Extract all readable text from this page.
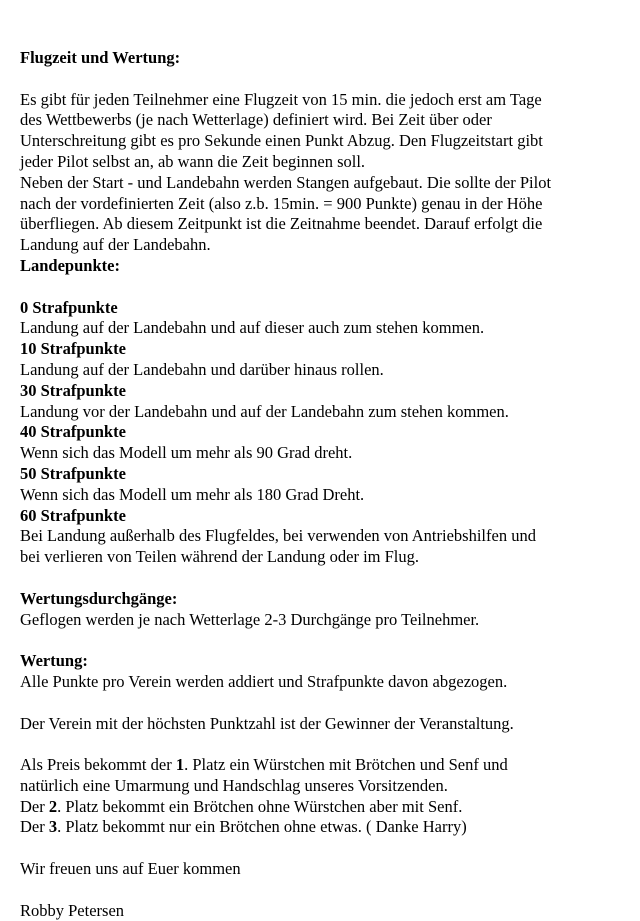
Flugzeit und Wertung:
Es gibt für jeden Teilnehmer eine Flugzeit von 15 min. die jedoch erst am Tage
des Wettbewerbs (je nach Wetterlage) definiert wird. Bei Zeit über oder
Unterschreitung gibt es pro Sekunde einen Punkt Abzug. Den Flugzeitstart gibt
jeder Pilot selbst an, ab wann die Zeit beginnen soll.
Neben der Start - und Landebahn werden Stangen aufgebaut. Die sollte der Pilot
nach der vordefinierten Zeit (also z.b. 15min. = 900 Punkte) genau in der Höhe
überfliegen. Ab diesem Zeitpunkt ist die Zeitnahme beendet. Darauf erfolgt die
Landung auf der Landebahn.
Landepunkte:
0 Strafpunkte
Landung auf der Landebahn und auf dieser auch zum stehen kommen.
10 Strafpunkte
Landung auf der Landebahn und darüber hinaus rollen.
30 Strafpunkte
Landung vor der Landebahn und auf der Landebahn zum stehen kommen.
40 Strafpunkte
Wenn sich das Modell um mehr als 90 Grad dreht.
50 Strafpunkte
Wenn sich das Modell um mehr als 180 Grad Dreht.
60 Strafpunkte
Bei Landung außerhalb des Flugfeldes, bei verwenden von Antriebshilfen und
bei verlieren von Teilen während der Landung oder im Flug.
Wertungsdurchgänge:
Geflogen werden je nach Wetterlage 2-3 Durchgänge pro Teilnehmer.
Wertung:
Alle Punkte pro Verein werden addiert und Strafpunkte davon abgezogen.
Der Verein mit der höchsten Punktzahl ist der Gewinner der Veranstaltung.
Als Preis bekommt der 1. Platz ein Würstchen mit Brötchen und Senf und
natürlich eine Umarmung und Handschlag unseres Vorsitzenden.
Der 2. Platz bekommt ein Brötchen ohne Würstchen aber mit Senf.
Der 3. Platz bekommt nur ein Brötchen ohne etwas. ( Danke Harry)
Wir freuen uns auf Euer kommen
Robby Petersen
